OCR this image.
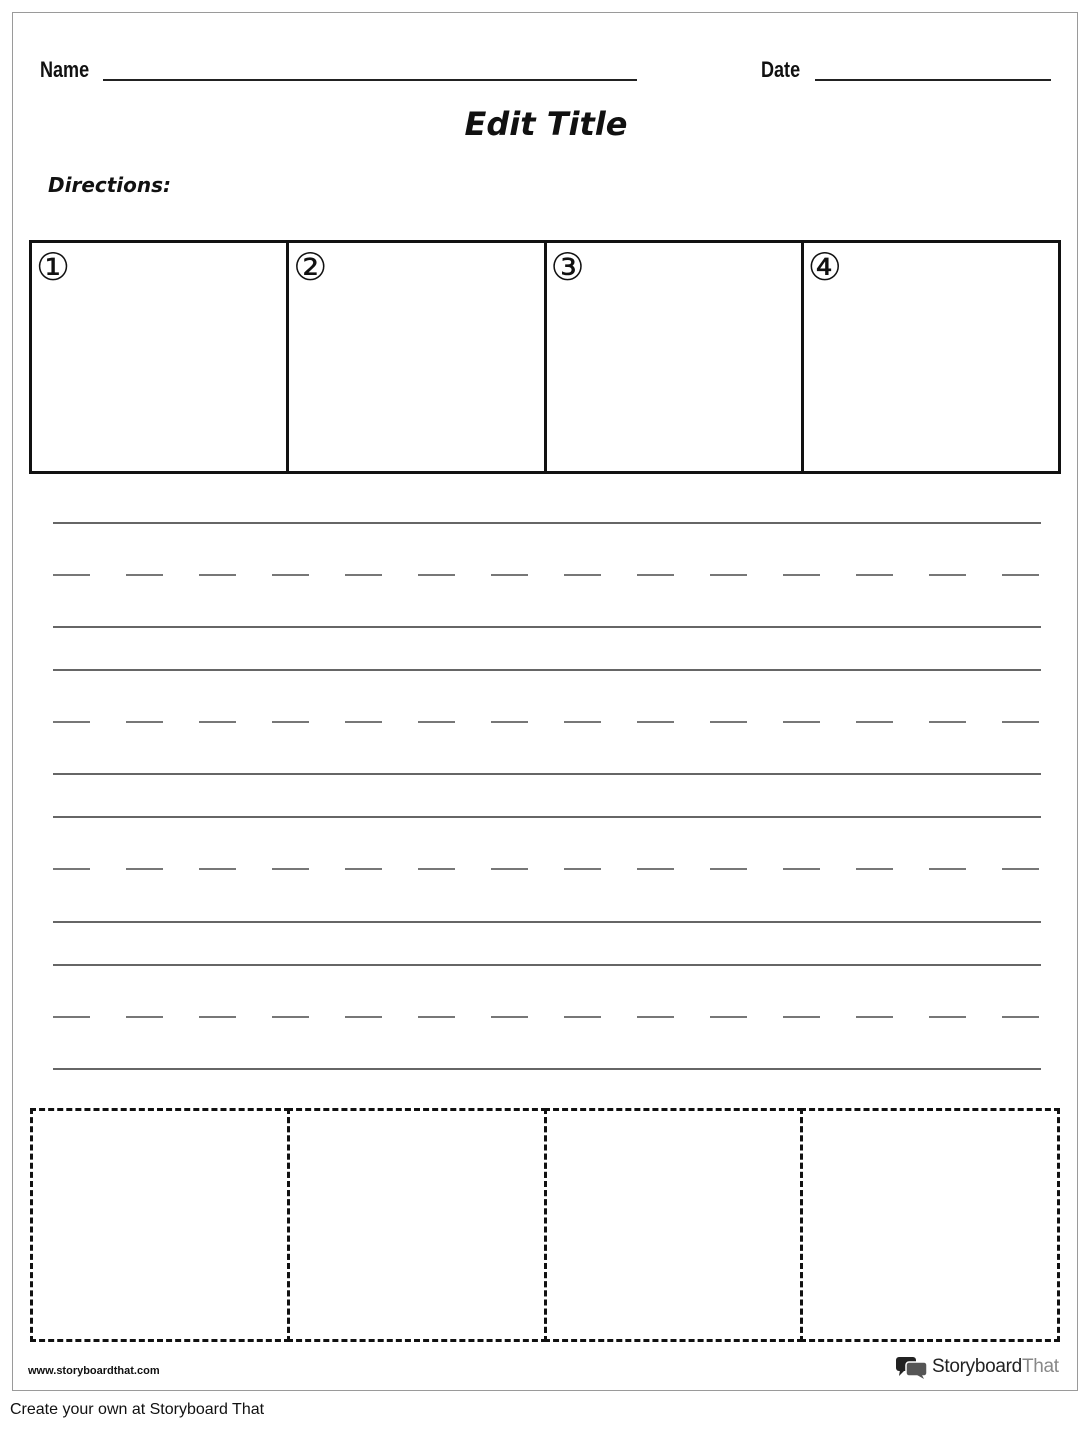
Name	Date
Edit Title
Directions:
①	②	③	④
www.storyboardthat.com	StoryboardThat
Create your own at Storyboard That
